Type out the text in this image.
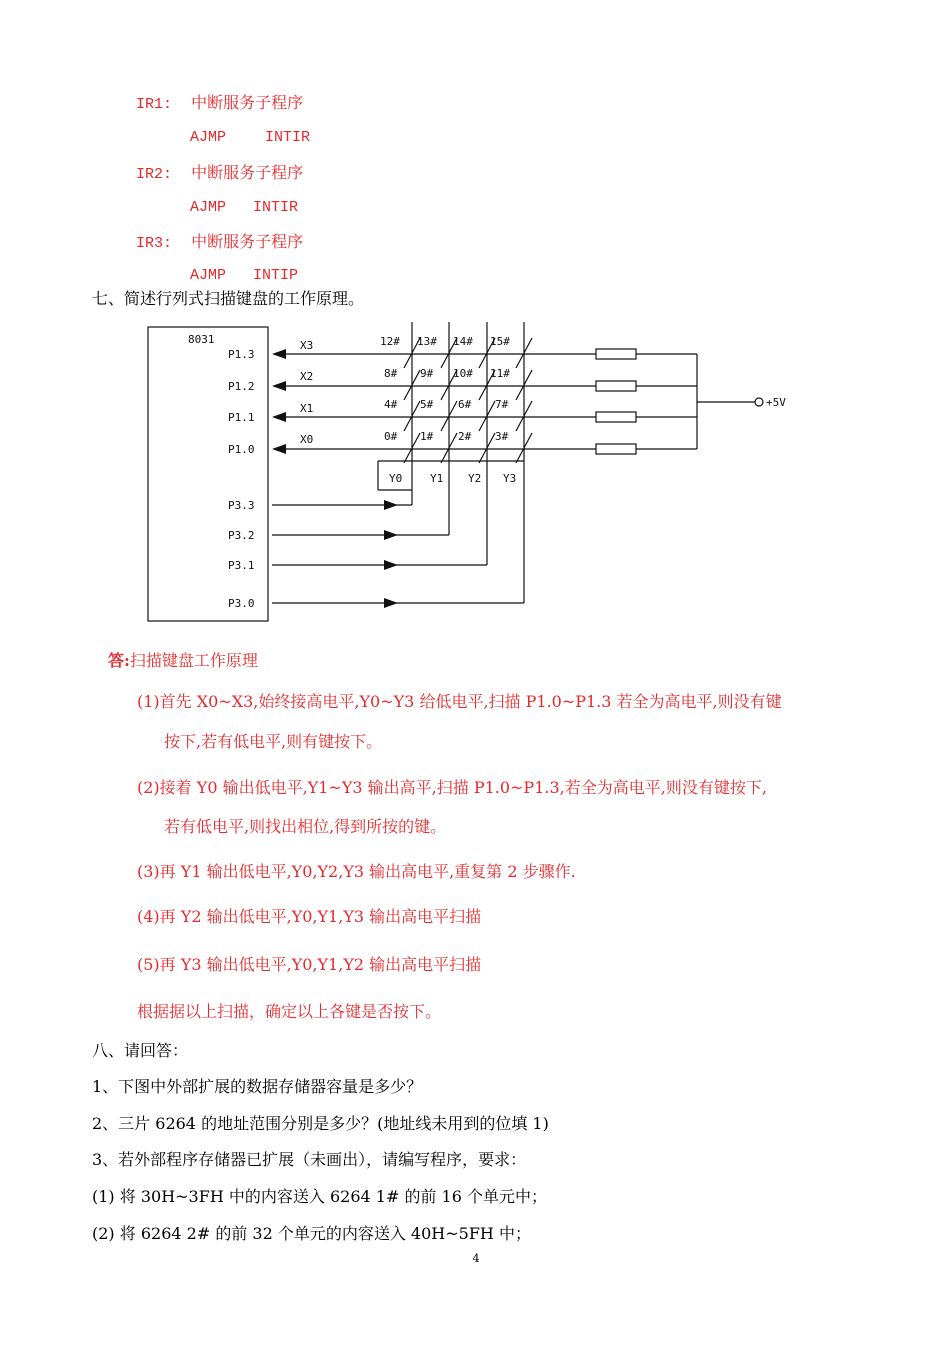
IR1: 中断服务子程序
AJMP	INTIR
IR2: 中断服务子程序
AJMP INTIR
IR3: 中断服务子程序
AJMP INTIP
七、简述行列式扫描键盘的工作原理。
8031
P1.3
P1.2
P1.1
P1.0
X3
X2
X1
X0
P3.3
P3.2
P3.1
P3.0
Y0	Y1 Y2 Y3
12# 13# 14# 15#
8# 9# 10# 11#
4# 5# 6# 7#
0# 1# 2# 3#
+5V
答:扫描键盘工作原理
(1)首先 X0~X3,始终接高电平,Y0~Y3 给低电平,扫描 P1.0~P1.3 若全为高电平,则没有键
按下,若有低电平,则有键按下。
(2)接着 Y0 输出低电平,Y1~Y3 输出高平,扫描 P1.0~P1.3,若全为高电平,则没有键按下,
若有低电平,则找出相位,得到所按的键。
(3)再 Y1 输出低电平,Y0,Y2,Y3 输出高电平,重复第 2 步骤作.
(4)再 Y2 输出低电平,Y0,Y1,Y3 输出高电平扫描
(5)再 Y3 输出低电平,Y0,Y1,Y2 输出高电平扫描
根据据以上扫描，确定以上各键是否按下。
八、请回答：
1、下图中外部扩展的数据存储器容量是多少？
2、三片 6264 的地址范围分别是多少？(地址线未用到的位填 1)
3、若外部程序存储器已扩展（未画出），请编写程序，要求：
(1) 将 30H~3FH 中的内容送入 6264 1# 的前 16 个单元中；
(2) 将 6264 2# 的前 32 个单元的内容送入 40H~5FH 中；
4
